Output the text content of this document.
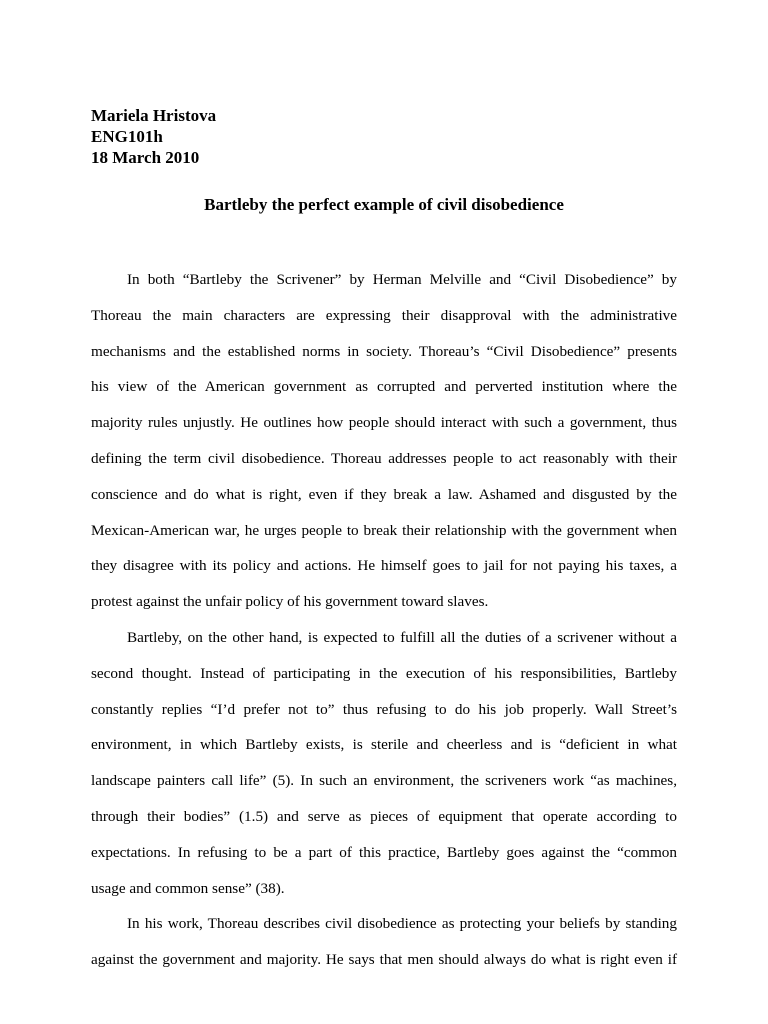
Mariela Hristova
ENG101h
18 March 2010
Bartleby the perfect example of civil disobedience
In both “Bartleby the Scrivener” by Herman Melville and “Civil Disobedience” by
Thoreau the main characters are expressing their disapproval with the administrative
mechanisms and the established norms in society. Thoreau’s “Civil Disobedience” presents
his view of the American government as corrupted and perverted institution where the
majority rules unjustly. He outlines how people should interact with such a government, thus
defining the term civil disobedience. Thoreau addresses people to act reasonably with their
conscience and do what is right, even if they break a law. Ashamed and disgusted by the
Mexican-American war, he urges people to break their relationship with the government when
they disagree with its policy and actions. He himself goes to jail for not paying his taxes, a
protest against the unfair policy of his government toward slaves.
Bartleby, on the other hand, is expected to fulfill all the duties of a scrivener without a
second thought. Instead of participating in the execution of his responsibilities, Bartleby
constantly replies “I’d prefer not to” thus refusing to do his job properly. Wall Street’s
environment, in which Bartleby exists, is sterile and cheerless and is “deficient in what
landscape painters call life” (5). In such an environment, the scriveners work “as machines,
through their bodies” (1.5) and serve as pieces of equipment that operate according to
expectations. In refusing to be a part of this practice, Bartleby goes against the “common
usage and common sense” (38).
In his work, Thoreau describes civil disobedience as protecting your beliefs by standing
against the government and majority. He says that men should always do what is right even if
